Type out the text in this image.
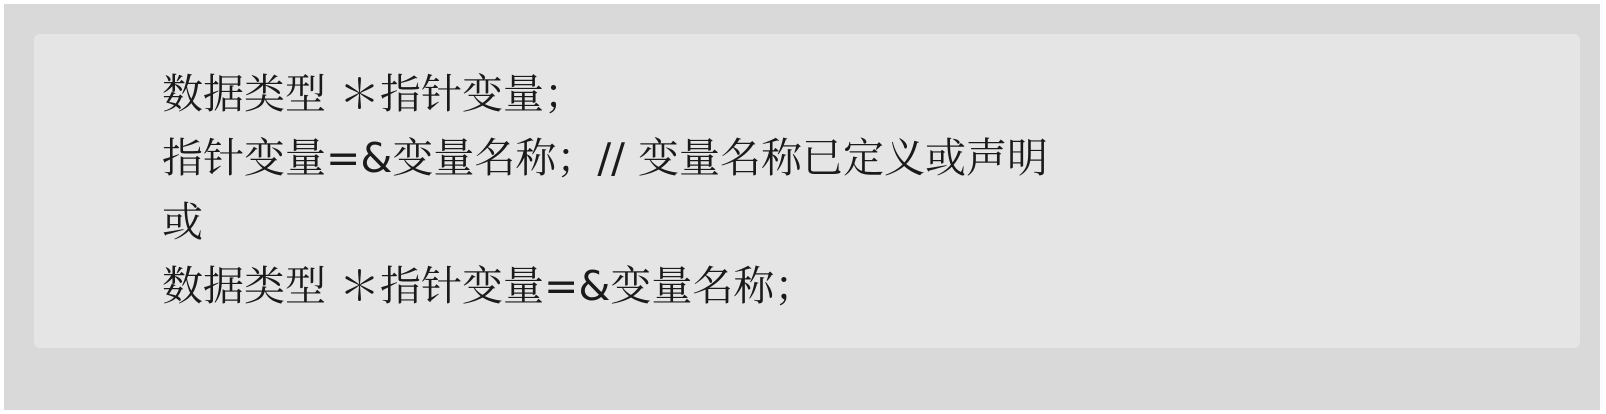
数据类型 ＊指针变量；
指针变量=&变量名称；// 变量名称已定义或声明
或
数据类型 ＊指针变量=&变量名称；
